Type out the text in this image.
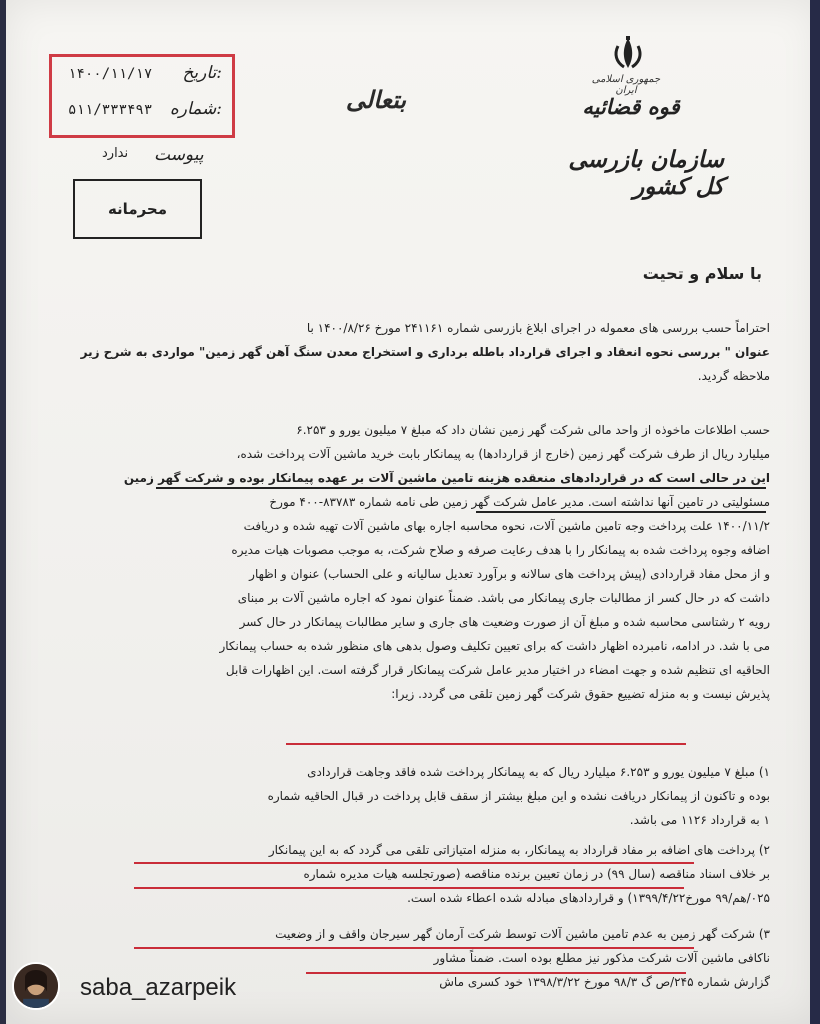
تاریخ:
۱۴۰۰/۱۱/۱۷
شماره:
۵۱۱/۳۳۳۴۹۳
پیوست
ندارد
محرمانه
بتعالی
جمهوری اسلامی ایران
قوه قضائیه
سازمان بازرسی کل کشور
با سلام و تحیت
احتراماً حسب بررسی های معموله در اجرای ابلاغ بازرسی شماره ۲۴۱۱۶۱ مورخ ۱۴۰۰/۸/۲۶ با
عنوان " بررسی نحوه انعقاد و اجرای قرارداد باطله برداری و استخراج معدن سنگ آهن گهر زمین" مواردی به شرح زیر
ملاحظه گردید.
حسب اطلاعات ماخوذه از واحد مالی شرکت گهر زمین نشان داد که مبلغ ۷ میلیون یورو و ۶.۲۵۳
میلیارد ریال از طرف شرکت گهر زمین (خارج از قراردادها) به پیمانکار بابت خرید ماشین آلات پرداخت شده،
این در حالی است که در قراردادهای منعقده هزینه تامین ماشین آلات بر عهده پیمانکار بوده و شرکت گهر زمین
مسئولیتی در تامین آنها نداشته است. مدیر عامل شرکت گهر زمین طی نامه شماره ۸۳۷۸۳-۴۰۰ مورخ
۱۴۰۰/۱۱/۲ علت پرداخت وجه تامین ماشین آلات، نحوه محاسبه اجاره بهای ماشین آلات تهیه شده و دریافت
اضافه وجوه پرداخت شده به پیمانکار را با هدف رعایت صرفه و صلاح شرکت، به موجب مصوبات هیات مدیره
و از محل مفاد قراردادی (پیش پرداخت های سالانه و برآورد تعدیل سالیانه و علی الحساب) عنوان و اظهار
داشت که در حال کسر از مطالبات جاری پیمانکار می باشد. ضمناً عنوان نمود که اجاره ماشین آلات بر مبنای
رویه ۲ رشتاسی محاسبه شده و مبلغ آن از صورت وضعیت های جاری و سایر مطالبات پیمانکار در حال کسر
می با شد. در ادامه، نامبرده اظهار داشت که برای تعیین تکلیف وصول بدهی های منظور شده به حساب پیمانکار
الحاقیه ای تنظیم شده و جهت امضاء در اختیار مدیر عامل شرکت پیمانکار قرار گرفته است. این اظهارات قابل
پذیرش نیست و به منزله تضییع حقوق شرکت گهر زمین تلقی می گردد. زیرا:
۱) مبلغ ۷ میلیون یورو و ۶.۲۵۳ میلیارد ریال که به پیمانکار پرداخت شده فاقد وجاهت قراردادی
بوده و تاکنون از پیمانکار دریافت نشده و این مبلغ بیشتر از سقف قابل پرداخت در قبال الحاقیه شماره
۱ به قرارداد ۱۱۲۶ می باشد.
۲) پرداخت های اضافه بر مفاد قرارداد به پیمانکار، به منزله امتیازاتی تلقی می گردد که به این پیمانکار
بر خلاف اسناد مناقصه (سال ۹۹) در زمان تعیین برنده مناقصه (صورتجلسه هیات مدیره شماره
۰۲۵/هم/۹۹ مورخ۱۳۹۹/۴/۲۲) و قراردادهای مبادله شده اعطاء شده است.
۳) شرکت گهر زمین به عدم تامین ماشین آلات توسط شرکت آرمان گهر سیرجان واقف و از وضعیت
ناکافی ماشین آلات شرکت مذکور نیز مطلع بوده است. ضمناً مشاور
گزارش شماره ۲۴۵/ص گ ۹۸/۳ مورخ ۱۳۹۸/۳/۲۲ خود کسری ماش
saba_azarpeik
